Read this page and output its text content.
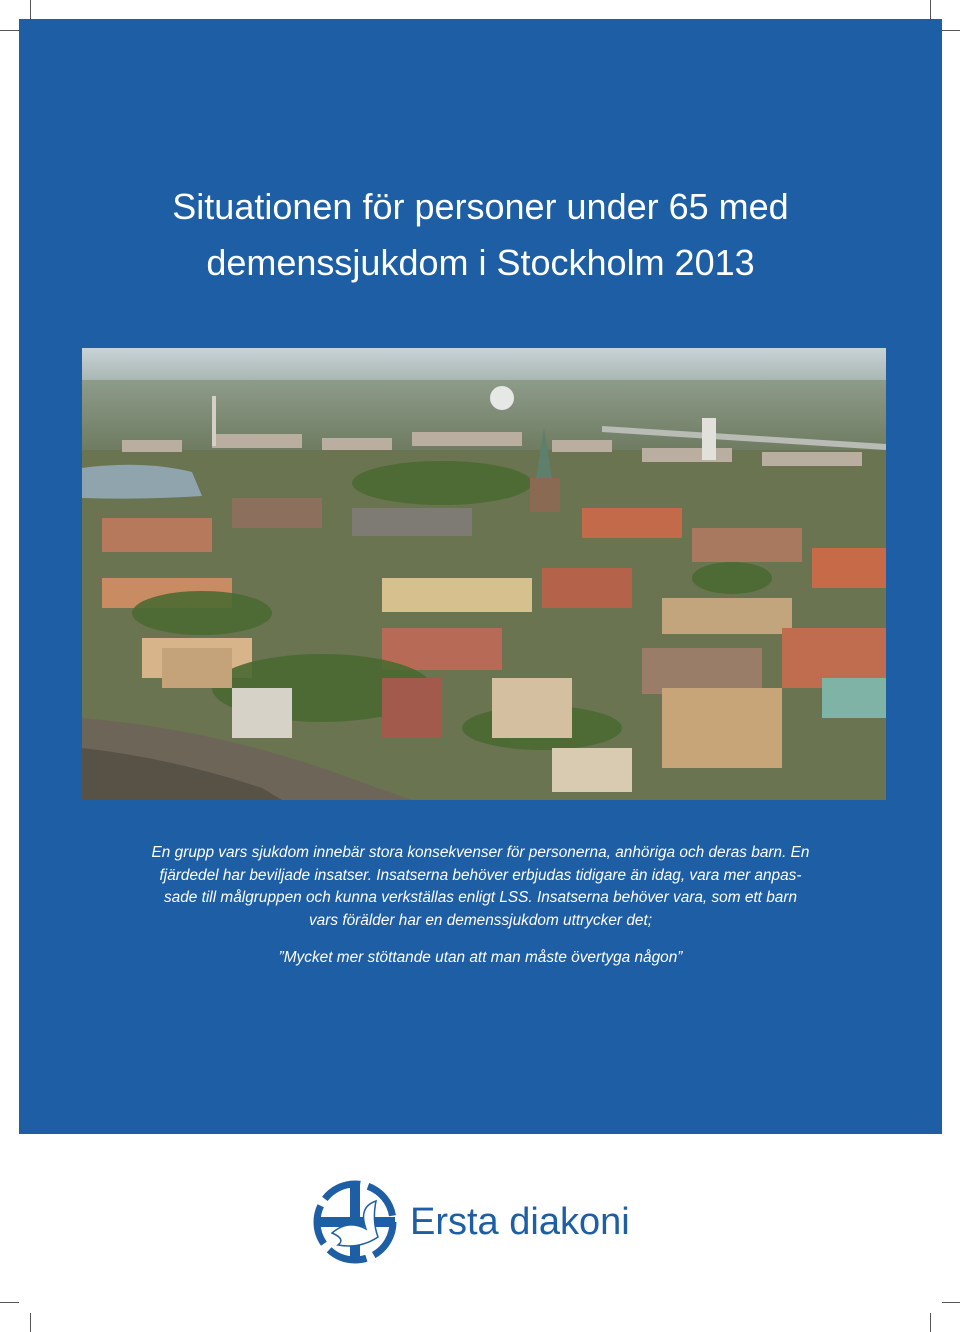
Situationen för personer under 65 med
demenssjukdom i Stockholm 2013

En grupp vars sjukdom innebär stora konsekvenser för personerna, anhöriga och deras barn. En
fjärdedel har beviljade insatser. Insatserna behöver erbjudas tidigare än idag, vara mer anpas-
sade till målgruppen och kunna verkställas enligt LSS. Insatserna behöver vara, som ett barn
vars förälder har en demenssjukdom uttrycker det;

”Mycket mer stöttande utan att man måste övertyga någon”

Ersta diakoni
